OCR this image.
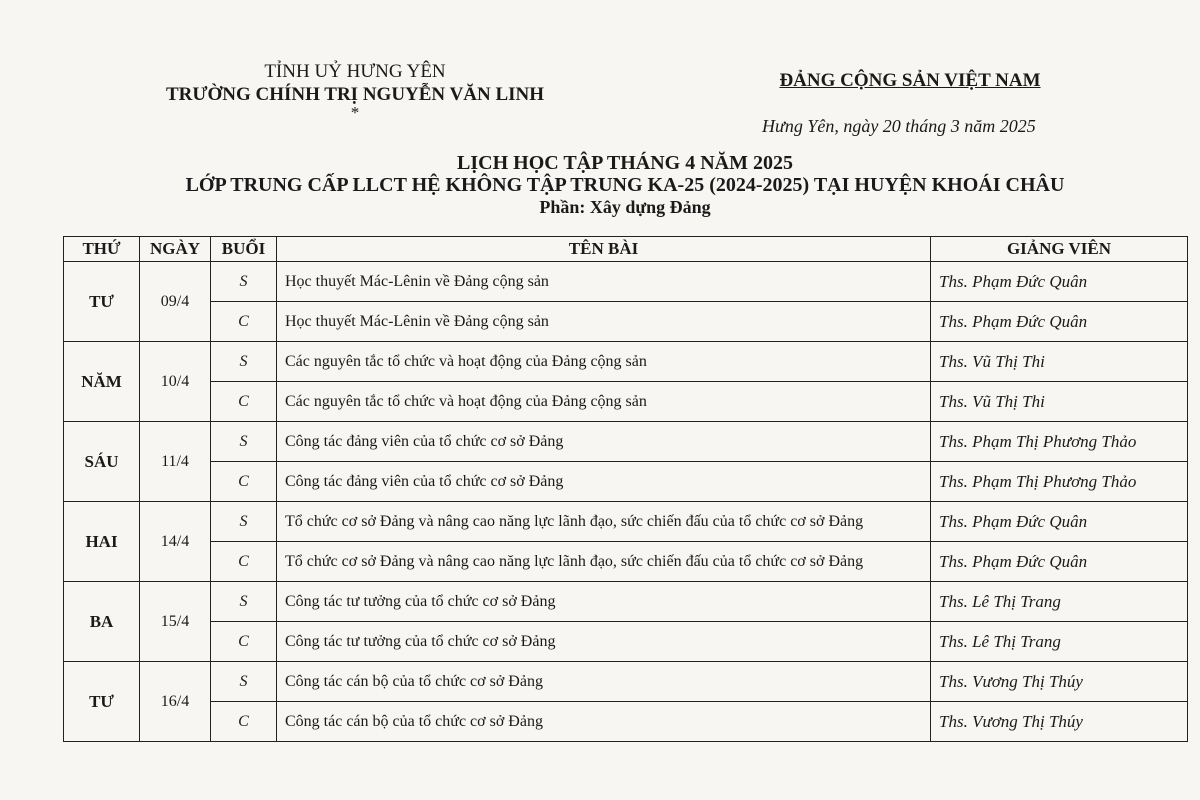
TỈNH UỶ HƯNG YÊN
TRƯỜNG CHÍNH TRỊ NGUYỄN VĂN LINH
*
ĐẢNG CỘNG SẢN VIỆT NAM
Hưng Yên, ngày 20 tháng 3 năm 2025
LỊCH HỌC TẬP THÁNG 4 NĂM 2025
LỚP TRUNG CẤP LLCT HỆ KHÔNG TẬP TRUNG KA-25 (2024-2025) TẠI HUYỆN KHOÁI CHÂU
Phần: Xây dựng Đảng
THỨ	NGÀY	BUỔI	TÊN BÀI	GIẢNG VIÊN
TƯ	09/4	S	Học thuyết Mác-Lênin về Đảng cộng sản	Ths. Phạm Đức Quân
		C	Học thuyết Mác-Lênin về Đảng cộng sản	Ths. Phạm Đức Quân
NĂM	10/4	S	Các nguyên tắc tổ chức và hoạt động của Đảng cộng sản	Ths. Vũ Thị Thi
		C	Các nguyên tắc tổ chức và hoạt động của Đảng cộng sản	Ths. Vũ Thị Thi
SÁU	11/4	S	Công tác đảng viên của tổ chức cơ sở Đảng	Ths. Phạm Thị Phương Thảo
		C	Công tác đảng viên của tổ chức cơ sở Đảng	Ths. Phạm Thị Phương Thảo
HAI	14/4	S	Tổ chức cơ sở Đảng và nâng cao năng lực lãnh đạo, sức chiến đấu của tổ chức cơ sở Đảng	Ths. Phạm Đức Quân
		C	Tổ chức cơ sở Đảng và nâng cao năng lực lãnh đạo, sức chiến đấu của tổ chức cơ sở Đảng	Ths. Phạm Đức Quân
BA	15/4	S	Công tác tư tưởng của tổ chức cơ sở Đảng	Ths. Lê Thị Trang
		C	Công tác tư tưởng của tổ chức cơ sở Đảng	Ths. Lê Thị Trang
TƯ	16/4	S	Công tác cán bộ của tổ chức cơ sở Đảng	Ths. Vương Thị Thúy
		C	Công tác cán bộ của tổ chức cơ sở Đảng	Ths. Vương Thị Thúy
